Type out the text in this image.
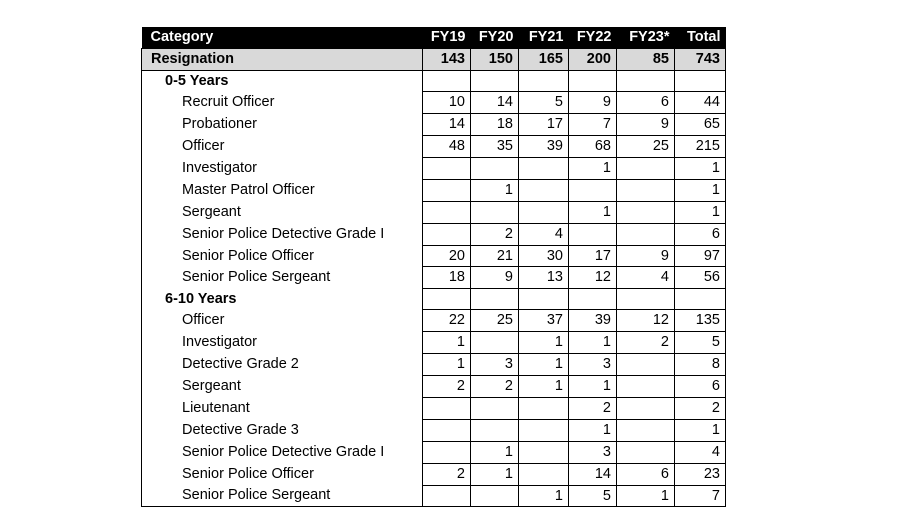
Category	FY19	FY20	FY21	FY22	FY23*	Total
Resignation	143	150	165	200	85	743
0-5 Years						
Recruit Officer	10	14	5	9	6	44
Probationer	14	18	17	7	9	65
Officer	48	35	39	68	25	215
Investigator				1		1
Master Patrol Officer		1				1
Sergeant				1		1
Senior Police Detective Grade I		2	4			6
Senior Police Officer	20	21	30	17	9	97
Senior Police Sergeant	18	9	13	12	4	56
6-10 Years						
Officer	22	25	37	39	12	135
Investigator	1		1	1	2	5
Detective Grade 2	1	3	1	3		8
Sergeant	2	2	1	1		6
Lieutenant				2		2
Detective Grade 3				1		1
Senior Police Detective Grade I		1		3		4
Senior Police Officer	2	1		14	6	23
Senior Police Sergeant			1	5	1	7
